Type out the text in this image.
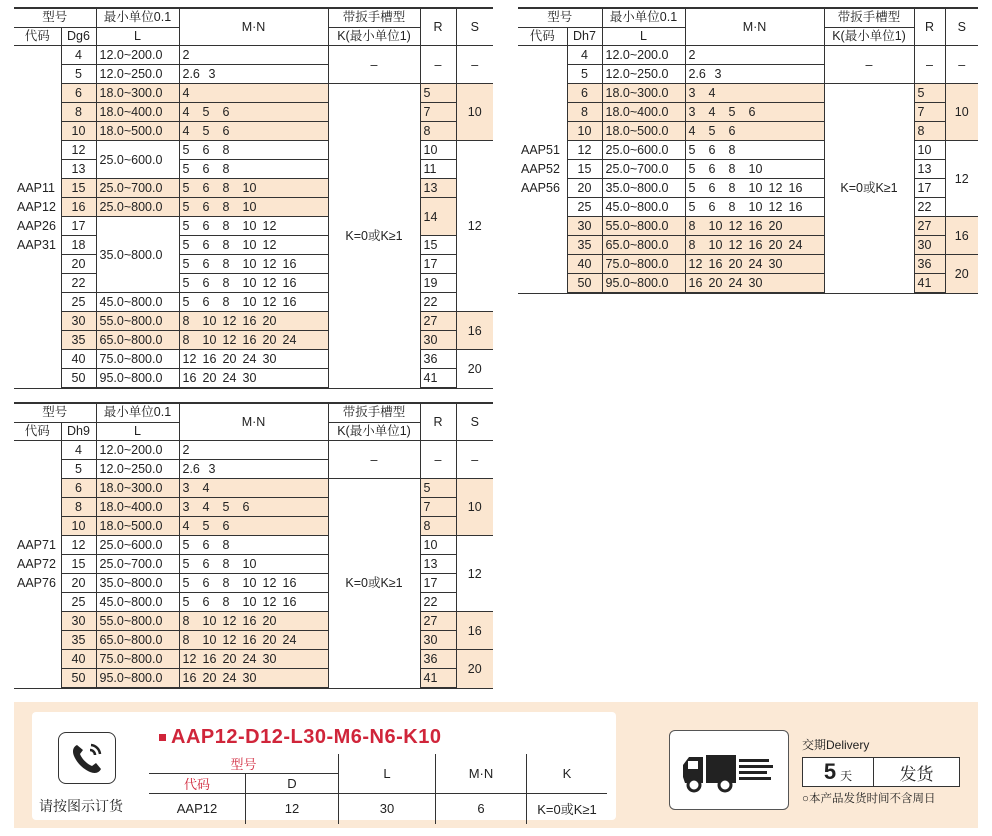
型号		最小单位0.1	M·N	带扳手槽型	R	S
代码	Dg6	L		K(最小单位1)		

AAP11
AAP12
AAP26
AAP31	4	12.0~200.0	2	–	–	–
	5	12.0~250.0	2.6 3			
	6	18.0~300.0	4	K=0或K≥1	5	10
	8	18.0~400.0	4 5 6		7	
	10	18.0~500.0	4 5 6		8	
	12	25.0~600.0	5 6 8		10	12
	13		5 6 8		11	
	15	25.0~700.0	5 6 8 10		13	
	16	25.0~800.0	5 6 8 10		14	
	17	35.0~800.0	5 6 8 10 12			
	18		5 6 8 10 12		15	
	20		5 6 8 10 12 16		17	
	22		5 6 8 10 12 16		19	
	25	45.0~800.0	5 6 8 10 12 16		22	
	30	55.0~800.0	8 10 12 16 20		27	16
	35	65.0~800.0	8 10 12 16 20 24		30	
	40	75.0~800.0	12 16 20 24 30		36	20
	50	95.0~800.0	16 20 24 30		41	
型号		最小单位0.1	M·N	带扳手槽型	R	S
代码	Dh7	L		K(最小单位1)		

AAP51
AAP52
AAP56	4	12.0~200.0	2	–	–	–
	5	12.0~250.0	2.6 3			
	6	18.0~300.0	3 4	K=0或K≥1	5	10
	8	18.0~400.0	3 4 5 6		7	
	10	18.0~500.0	4 5 6		8	
	12	25.0~600.0	5 6 8		10	12
	15	25.0~700.0	5 6 8 10		13	
	20	35.0~800.0	5 6 8 10 12 16		17	
	25	45.0~800.0	5 6 8 10 12 16		22	
	30	55.0~800.0	8 10 12 16 20		27	16
	35	65.0~800.0	8 10 12 16 20 24		30	
	40	75.0~800.0	12 16 20 24 30		36	20
	50	95.0~800.0	16 20 24 30		41	
型号		最小单位0.1	M·N	带扳手槽型	R	S
代码	Dh9	L		K(最小单位1)		

AAP71
AAP72
AAP76	4	12.0~200.0	2	–	–	–
	5	12.0~250.0	2.6 3			
	6	18.0~300.0	3 4	K=0或K≥1	5	10
	8	18.0~400.0	3 4 5 6		7	
	10	18.0~500.0	4 5 6		8	
	12	25.0~600.0	5 6 8		10	12
	15	25.0~700.0	5 6 8 10		13	
	20	35.0~800.0	5 6 8 10 12 16		17	
	25	45.0~800.0	5 6 8 10 12 16		22	
	30	55.0~800.0	8 10 12 16 20		27	16
	35	65.0~800.0	8 10 12 16 20 24		30	
	40	75.0~800.0	12 16 20 24 30		36	20
	50	95.0~800.0	16 20 24 30		41	
请按图示订货
AAP12-D12-L30-M6-N6-K10
型号		L	M·N	K
代码	D			
AAP12	12	30	6	K=0或K≥1
交期Delivery
5 天	发货
○本产品发货时间不含周日
